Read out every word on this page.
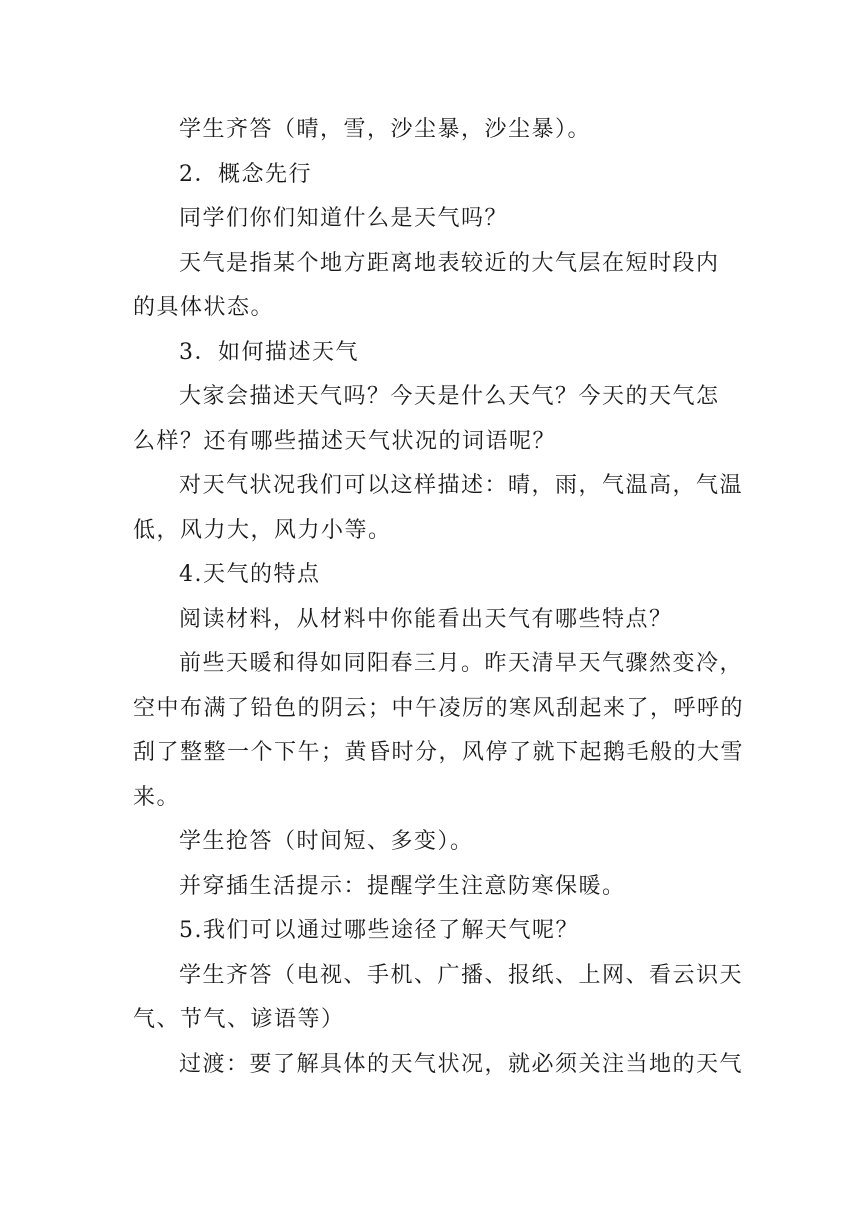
学生齐答（晴，雪，沙尘暴，沙尘暴）。

2．概念先行

同学们你们知道什么是天气吗？

天气是指某个地方距离地表较近的大气层在短时段内
的具体状态。

3．如何描述天气

大家会描述天气吗？今天是什么天气？今天的天气怎
么样？还有哪些描述天气状况的词语呢？

对天气状况我们可以这样描述：晴，雨，气温高，气温
低，风力大，风力小等。

4.天气的特点

阅读材料，从材料中你能看出天气有哪些特点？

前些天暖和得如同阳春三月。昨天清早天气骤然变冷，
空中布满了铅色的阴云；中午凌厉的寒风刮起来了，呼呼的
刮了整整一个下午；黄昏时分，风停了就下起鹅毛般的大雪
来。

学生抢答（时间短、多变）。

并穿插生活提示：提醒学生注意防寒保暖。

5.我们可以通过哪些途径了解天气呢？

学生齐答（电视、手机、广播、报纸、上网、看云识天
气、节气、谚语等）

过渡：要了解具体的天气状况，就必须关注当地的天气
